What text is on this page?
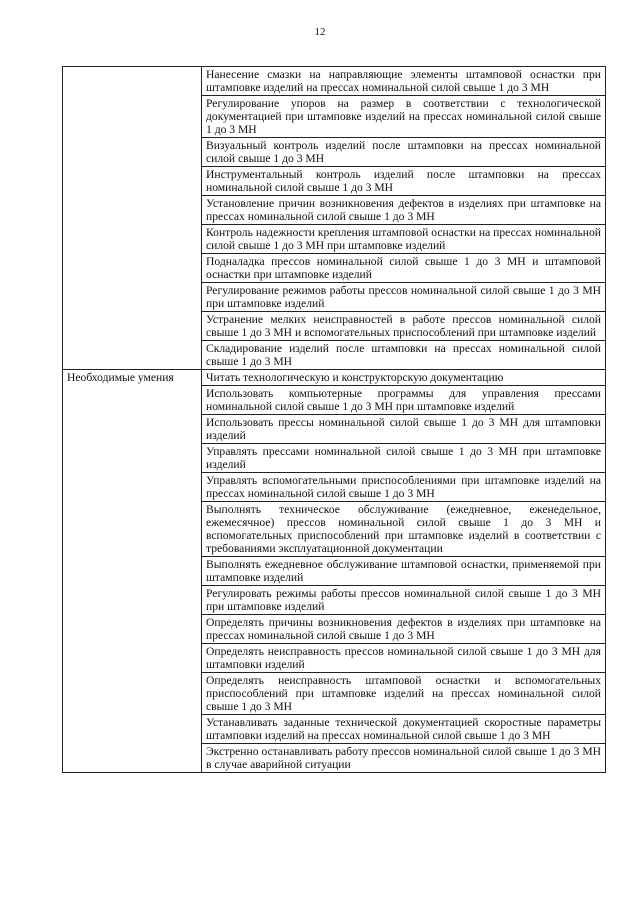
12
	Нанесение смазки на направляющие элементы штамповой оснастки при штамповке изделий на прессах номинальной силой свыше 1 до 3 МН
	Регулирование упоров на размер в соответствии с технологической документацией при штамповке изделий на прессах номинальной силой свыше 1 до 3 МН
	Визуальный контроль изделий после штамповки на прессах номинальной силой свыше 1 до 3 МН
	Инструментальный контроль изделий после штамповки на прессах номинальной силой свыше 1 до 3 МН
	Установление причин возникновения дефектов в изделиях при штамповке на прессах номинальной силой свыше 1 до 3 МН
	Контроль надежности крепления штамповой оснастки на прессах номинальной силой свыше 1 до 3 МН при штамповке изделий
	Подналадка прессов номинальной силой свыше 1 до 3 МН и штамповой оснастки при штамповке изделий
	Регулирование режимов работы прессов номинальной силой свыше 1 до 3 МН при штамповке изделий
	Устранение мелких неисправностей в работе прессов номинальной силой свыше 1 до 3 МН и вспомогательных приспособлений при штамповке изделий
	Складирование изделий после штамповки на прессах номинальной силой свыше 1 до 3 МН
Необходимые умения	Читать технологическую и конструкторскую документацию
	Использовать компьютерные программы для управления прессами номинальной силой свыше 1 до 3 МН при штамповке изделий
	Использовать прессы номинальной силой свыше 1 до 3 МН для штамповки изделий
	Управлять прессами номинальной силой свыше 1 до 3 МН при штамповке изделий
	Управлять вспомогательными приспособлениями при штамповке изделий на прессах номинальной силой свыше 1 до 3 МН
	Выполнять техническое обслуживание (ежедневное, еженедельное, ежемесячное) прессов номинальной силой свыше 1 до 3 МН и вспомогательных приспособлений при штамповке изделий в соответствии с требованиями эксплуатационной документации
	Выполнять ежедневное обслуживание штамповой оснастки, применяемой при штамповке изделий
	Регулировать режимы работы прессов номинальной силой свыше 1 до 3 МН при штамповке изделий
	Определять причины возникновения дефектов в изделиях при штамповке на прессах номинальной силой свыше 1 до 3 МН
	Определять неисправность прессов номинальной силой свыше 1 до 3 МН для штамповки изделий
	Определять неисправность штамповой оснастки и вспомогательных приспособлений при штамповке изделий на прессах номинальной силой свыше 1 до 3 МН
	Устанавливать заданные технической документацией скоростные параметры штамповки изделий на прессах номинальной силой свыше 1 до 3 МН
	Экстренно останавливать работу прессов номинальной силой свыше 1 до 3 МН в случае аварийной ситуации
